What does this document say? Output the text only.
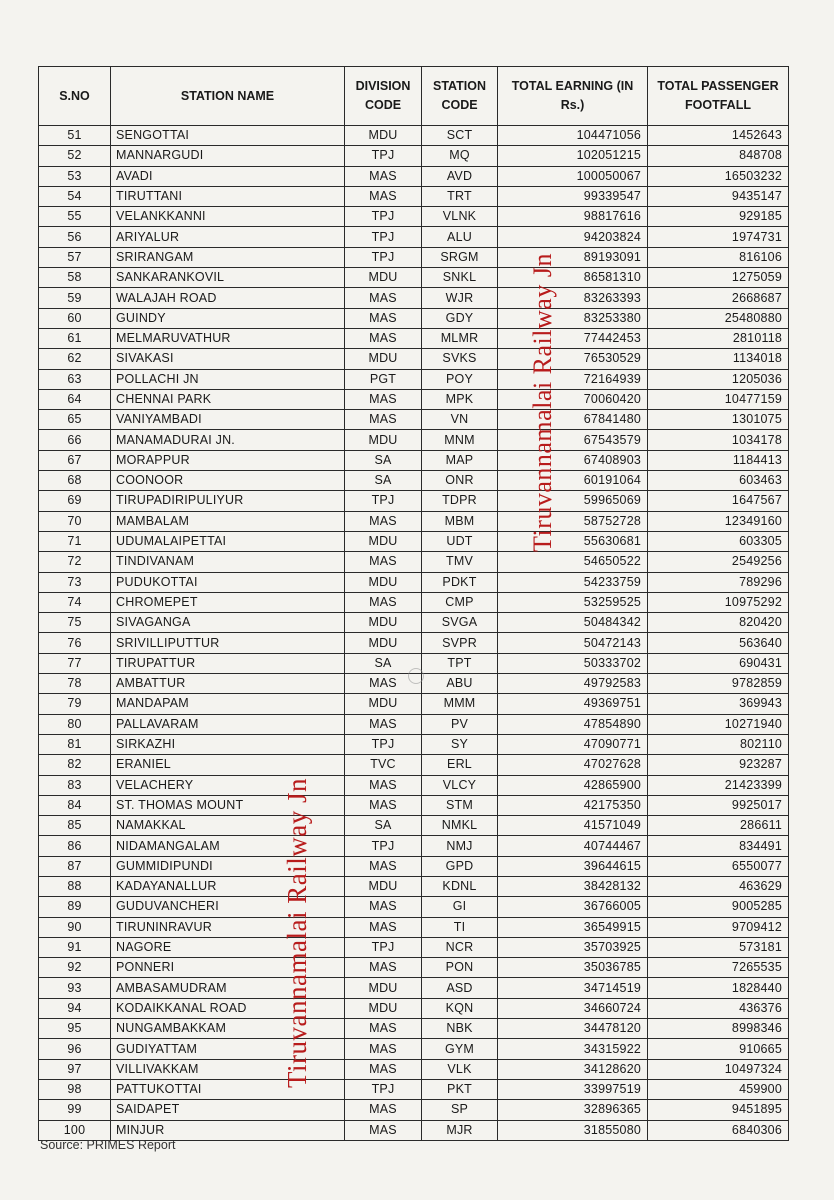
S.NO	STATION NAME	DIVISION CODE	STATION CODE	TOTAL EARNING (IN Rs.)	TOTAL PASSENGER FOOTFALL
51	SENGOTTAI	MDU	SCT	104471056	1452643
52	MANNARGUDI	TPJ	MQ	102051215	848708
53	AVADI	MAS	AVD	100050067	16503232
54	TIRUTTANI	MAS	TRT	99339547	9435147
55	VELANKKANNI	TPJ	VLNK	98817616	929185
56	ARIYALUR	TPJ	ALU	94203824	1974731
57	SRIRANGAM	TPJ	SRGM	89193091	816106
58	SANKARANKOVIL	MDU	SNKL	86581310	1275059
59	WALAJAH ROAD	MAS	WJR	83263393	2668687
60	GUINDY	MAS	GDY	83253380	25480880
61	MELMARUVATHUR	MAS	MLMR	77442453	2810118
62	SIVAKASI	MDU	SVKS	76530529	1134018
63	POLLACHI JN	PGT	POY	72164939	1205036
64	CHENNAI PARK	MAS	MPK	70060420	10477159
65	VANIYAMBADI	MAS	VN	67841480	1301075
66	MANAMADURAI JN.	MDU	MNM	67543579	1034178
67	MORAPPUR	SA	MAP	67408903	1184413
68	COONOOR	SA	ONR	60191064	603463
69	TIRUPADIRIPULIYUR	TPJ	TDPR	59965069	1647567
70	MAMBALAM	MAS	MBM	58752728	12349160
71	UDUMALAIPETTAI	MDU	UDT	55630681	603305
72	TINDIVANAM	MAS	TMV	54650522	2549256
73	PUDUKOTTAI	MDU	PDKT	54233759	789296
74	CHROMEPET	MAS	CMP	53259525	10975292
75	SIVAGANGA	MDU	SVGA	50484342	820420
76	SRIVILLIPUTTUR	MDU	SVPR	50472143	563640
77	TIRUPATTUR	SA	TPT	50333702	690431
78	AMBATTUR	MAS	ABU	49792583	9782859
79	MANDAPAM	MDU	MMM	49369751	369943
80	PALLAVARAM	MAS	PV	47854890	10271940
81	SIRKAZHI	TPJ	SY	47090771	802110
82	ERANIEL	TVC	ERL	47027628	923287
83	VELACHERY	MAS	VLCY	42865900	21423399
84	ST. THOMAS MOUNT	MAS	STM	42175350	9925017
85	NAMAKKAL	SA	NMKL	41571049	286611
86	NIDAMANGALAM	TPJ	NMJ	40744467	834491
87	GUMMIDIPUNDI	MAS	GPD	39644615	6550077
88	KADAYANALLUR	MDU	KDNL	38428132	463629
89	GUDUVANCHERI	MAS	GI	36766005	9005285
90	TIRUNINRAVUR	MAS	TI	36549915	9709412
91	NAGORE	TPJ	NCR	35703925	573181
92	PONNERI	MAS	PON	35036785	7265535
93	AMBASAMUDRAM	MDU	ASD	34714519	1828440
94	KODAIKKANAL ROAD	MDU	KQN	34660724	436376
95	NUNGAMBAKKAM	MAS	NBK	34478120	8998346
96	GUDIYATTAM	MAS	GYM	34315922	910665
97	VILLIVAKKAM	MAS	VLK	34128620	10497324
98	PATTUKOTTAI	TPJ	PKT	33997519	459900
99	SAIDAPET	MAS	SP	32896365	9451895
100	MINJUR	MAS	MJR	31855080	6840306
Tiruvannamalai Railway Jn
Tiruvannamalai Railway Jn
Source: PRIMES Report
